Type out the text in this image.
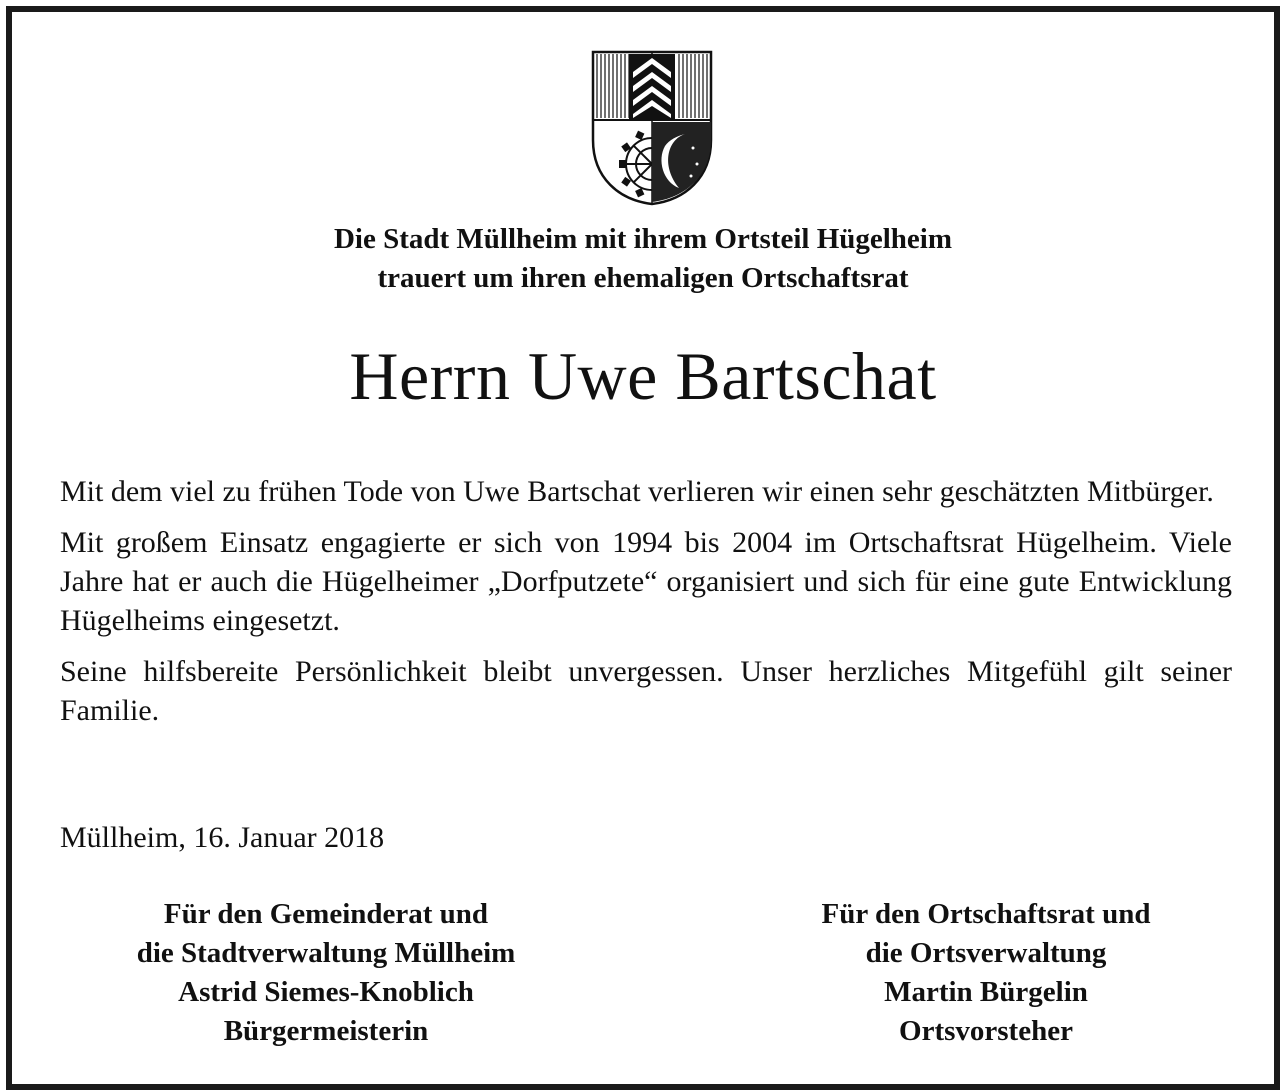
Die Stadt Müllheim mit ihrem Ortsteil Hügelheim
trauert um ihren ehemaligen Ortschaftsrat
Herrn Uwe Bartschat

Mit dem viel zu frühen Tode von Uwe Bartschat verlieren wir einen sehr geschätzten Mitbürger.

Mit großem Einsatz engagierte er sich von 1994 bis 2004 im Ortschaftsrat Hügelheim. Viele Jahre hat er auch die Hügelheimer „Dorfputzete“ organisiert und sich für eine gute Entwicklung Hügelheims eingesetzt.

Seine hilfsbereite Persönlichkeit bleibt unvergessen. Unser herzliches Mitgefühl gilt seiner Familie.

Müllheim, 16. Januar 2018
Für den Gemeinderat und
die Stadtverwaltung Müllheim
Astrid Siemes-Knoblich
Bürgermeisterin
Für den Ortschaftsrat und
die Ortsverwaltung
Martin Bürgelin
Ortsvorsteher
